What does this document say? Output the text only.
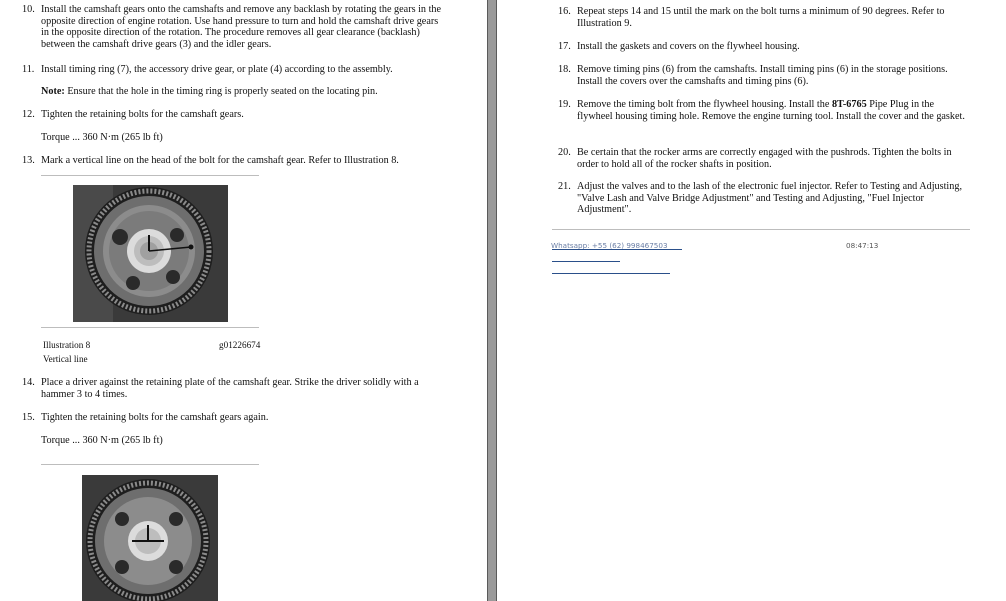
10. Install the camshaft gears onto the camshafts and remove any backlash by rotating the gears in the opposite direction of engine rotation. Use hand pressure to turn and hold the camshaft drive gears in the opposite direction of the rotation. The procedure removes all gear clearance (backlash) between the camshaft drive gears (3) and the idler gears.
11. Install timing ring (7), the accessory drive gear, or plate (4) according to the assembly.
Note: Ensure that the hole in the timing ring is properly seated on the locating pin.
12. Tighten the retaining bolts for the camshaft gears.
Torque ... 360 N·m (265 lb ft)
13. Mark a vertical line on the head of the bolt for the camshaft gear. Refer to Illustration 8.
Illustration 8	g01226674
Vertical line
14. Place a driver against the retaining plate of the camshaft gear. Strike the driver solidly with a hammer 3 to 4 times.
15. Tighten the retaining bolts for the camshaft gears again.
Torque ... 360 N·m (265 lb ft)
16. Repeat steps 14 and 15 until the mark on the bolt turns a minimum of 90 degrees. Refer to Illustration 9.
17. Install the gaskets and covers on the flywheel housing.
18. Remove timing pins (6) from the camshafts. Install timing pins (6) in the storage positions. Install the covers over the camshafts and timing pins (6).
19. Remove the timing bolt from the flywheel housing. Install the 8T-6765 Pipe Plug in the flywheel housing timing hole. Remove the engine turning tool. Install the cover and the gasket.
20. Be certain that the rocker arms are correctly engaged with the pushrods. Tighten the bolts in order to hold all of the rocker shafts in position.
21. Adjust the valves and to the lash of the electronic fuel injector. Refer to Testing and Adjusting, "Valve Lash and Valve Bridge Adjustment" and Testing and Adjusting, "Fuel Injector Adjustment".
Whatsapp: +55 (62) 998467503	08:47:13
